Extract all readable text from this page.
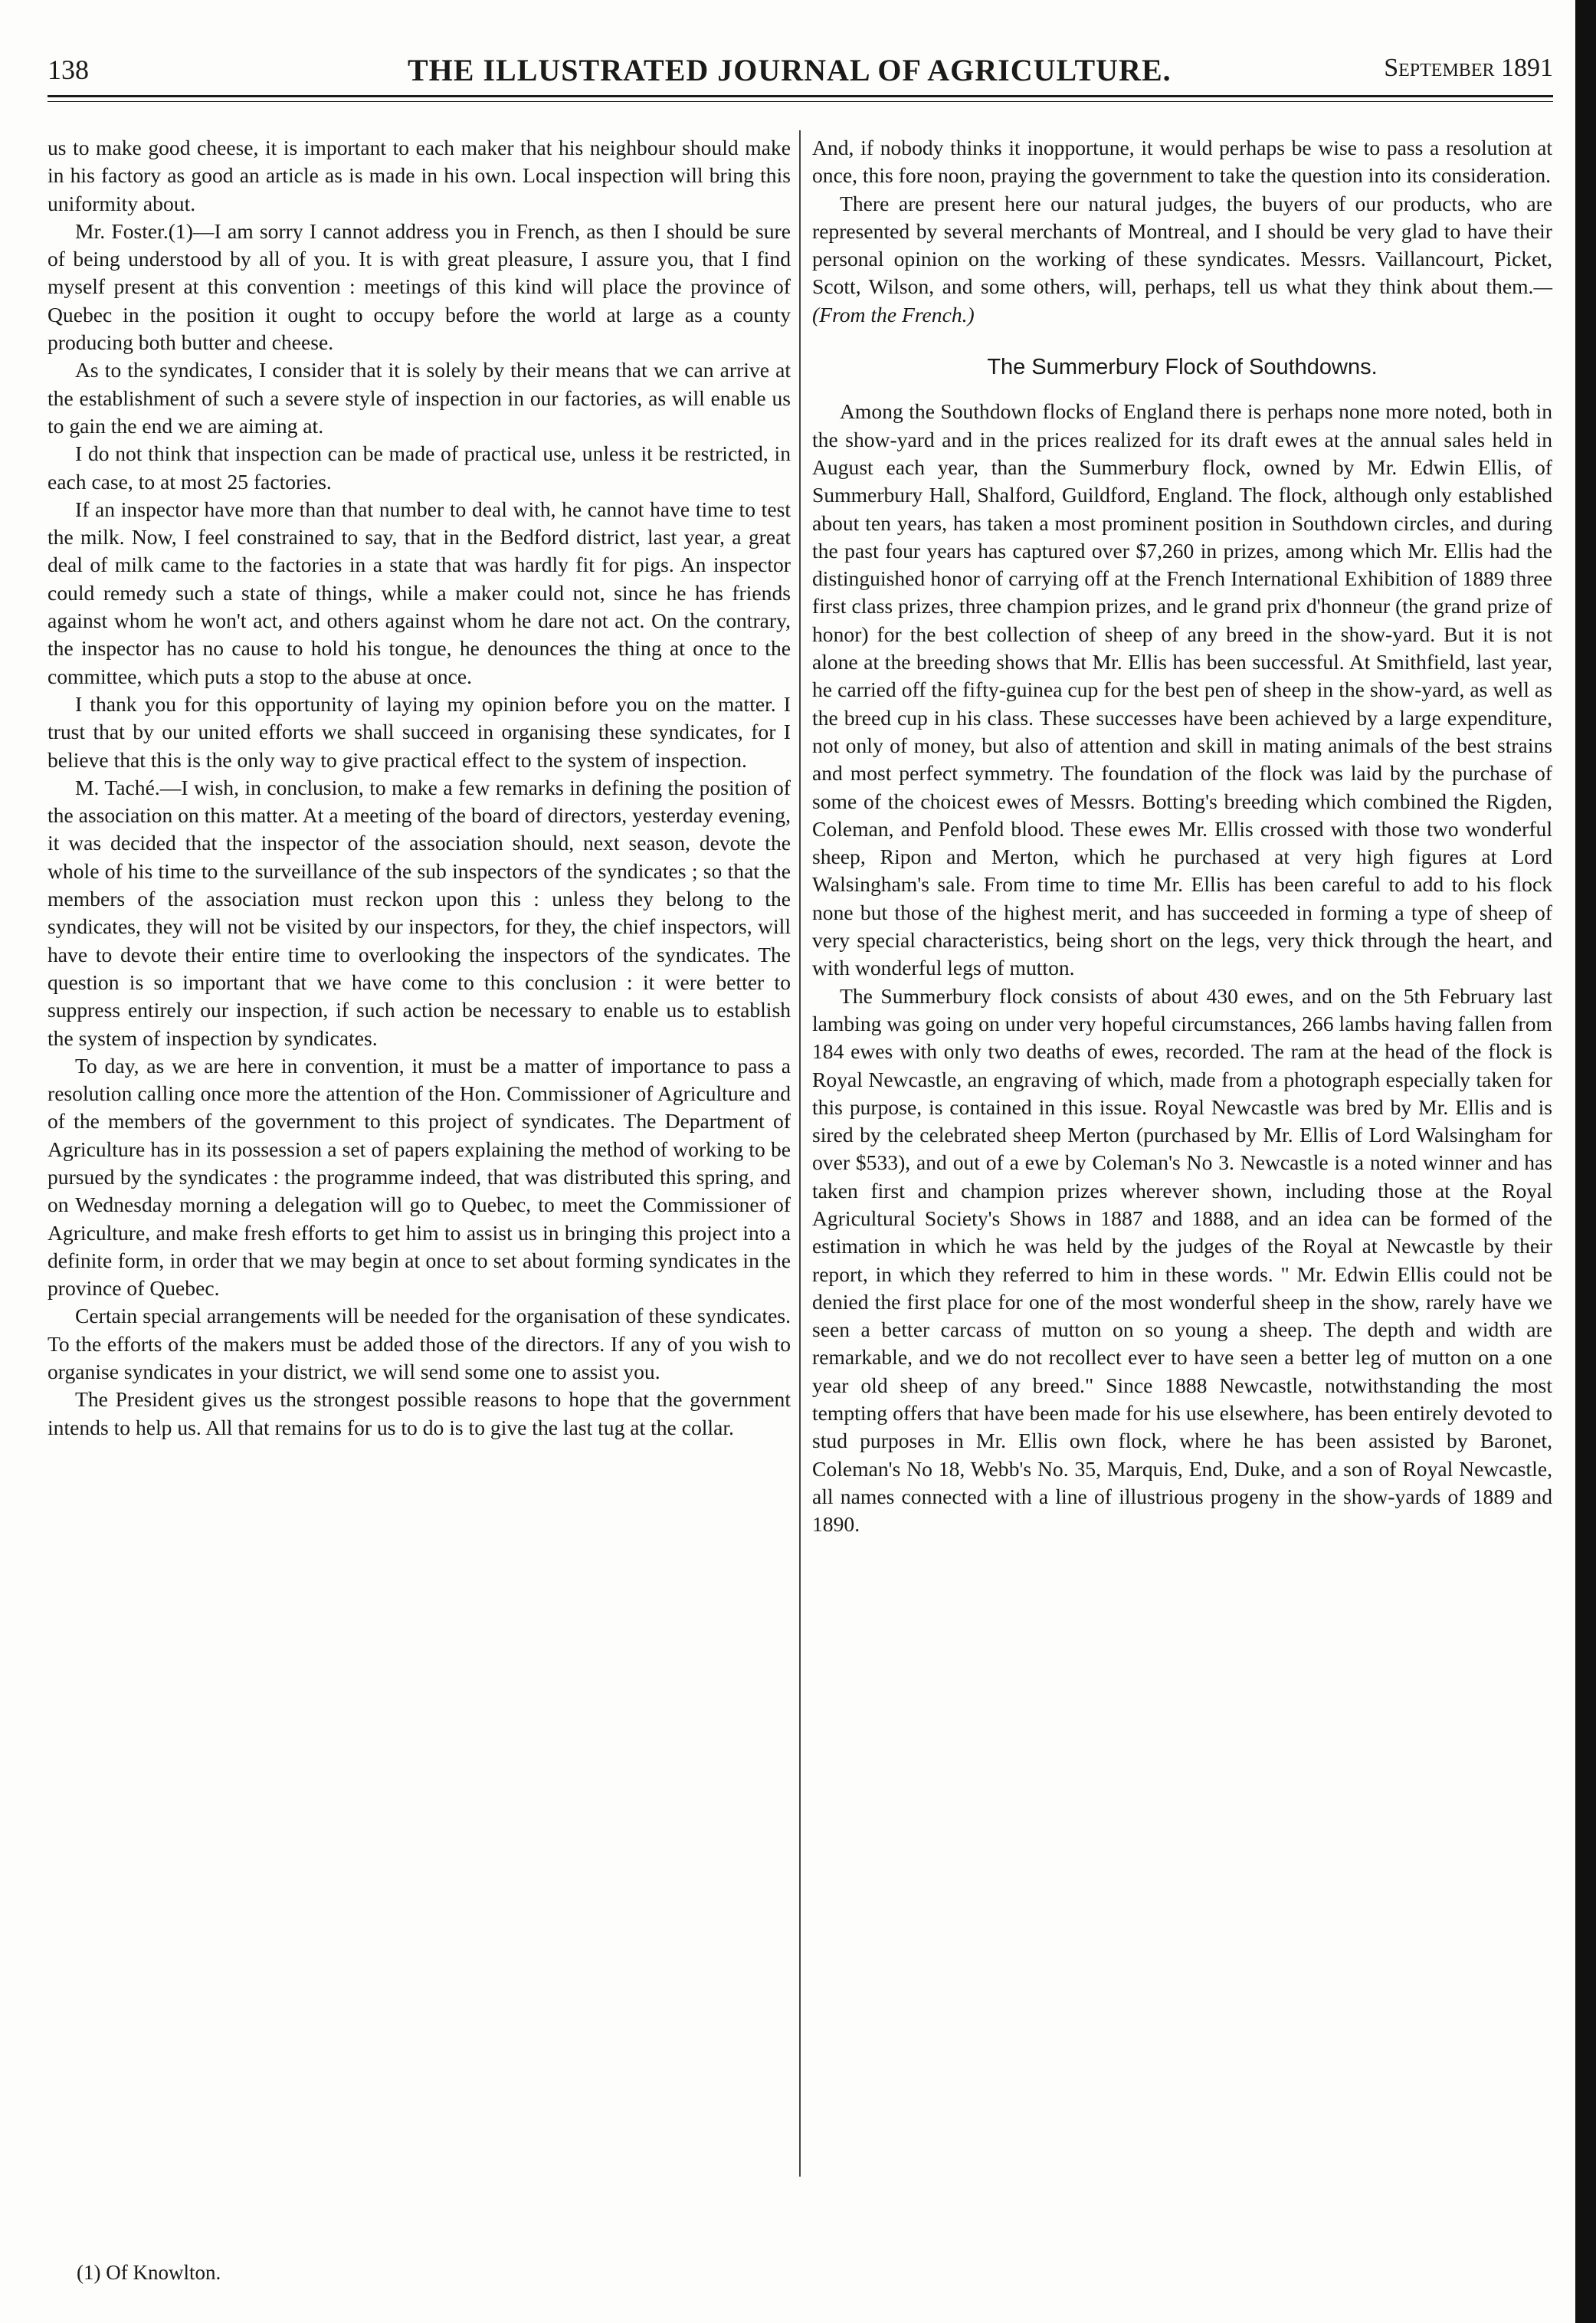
138	THE ILLUSTRATED JOURNAL OF AGRICULTURE.	September 1891

us to make good cheese, it is important to each maker that his neighbour should make in his factory as good an article as is made in his own. Local inspection will bring this uniformity about.

Mr. Foster.(1)—I am sorry I cannot address you in French, as then I should be sure of being understood by all of you. It is with great pleasure, I assure you, that I find myself present at this convention : meetings of this kind will place the province of Quebec in the position it ought to occupy before the world at large as a county producing both butter and cheese.

As to the syndicates, I consider that it is solely by their means that we can arrive at the establishment of such a severe style of inspection in our factories, as will enable us to gain the end we are aiming at.

I do not think that inspection can be made of practical use, unless it be restricted, in each case, to at most 25 factories.

If an inspector have more than that number to deal with, he cannot have time to test the milk. Now, I feel constrained to say, that in the Bedford district, last year, a great deal of milk came to the factories in a state that was hardly fit for pigs. An inspector could remedy such a state of things, while a maker could not, since he has friends against whom he won't act, and others against whom he dare not act. On the contrary, the inspector has no cause to hold his tongue, he denounces the thing at once to the committee, which puts a stop to the abuse at once.

I thank you for this opportunity of laying my opinion before you on the matter. I trust that by our united efforts we shall succeed in organising these syndicates, for I believe that this is the only way to give practical effect to the system of inspection.

M. Taché.—I wish, in conclusion, to make a few remarks in defining the position of the association on this matter. At a meeting of the board of directors, yesterday evening, it was decided that the inspector of the association should, next season, devote the whole of his time to the surveillance of the sub inspectors of the syndicates ; so that the members of the association must reckon upon this : unless they belong to the syndicates, they will not be visited by our inspectors, for they, the chief inspectors, will have to devote their entire time to overlooking the inspectors of the syndicates. The question is so important that we have come to this conclusion : it were better to suppress entirely our inspection, if such action be necessary to enable us to establish the system of inspection by syndicates.

To day, as we are here in convention, it must be a matter of importance to pass a resolution calling once more the attention of the Hon. Commissioner of Agriculture and of the members of the government to this project of syndicates. The Department of Agriculture has in its possession a set of papers explaining the method of working to be pursued by the syndicates : the programme indeed, that was distributed this spring, and on Wednesday morning a delegation will go to Quebec, to meet the Commissioner of Agriculture, and make fresh efforts to get him to assist us in bringing this project into a definite form, in order that we may begin at once to set about forming syndicates in the province of Quebec.

Certain special arrangements will be needed for the organisation of these syndicates. To the efforts of the makers must be added those of the directors. If any of you wish to organise syndicates in your district, we will send some one to assist you.

The President gives us the strongest possible reasons to hope that the government intends to help us. All that remains for us to do is to give the last tug at the collar.

And, if nobody thinks it inopportune, it would perhaps be wise to pass a resolution at once, this fore noon, praying the government to take the question into its consideration.

There are present here our natural judges, the buyers of our products, who are represented by several merchants of Montreal, and I should be very glad to have their personal opinion on the working of these syndicates. Messrs. Vaillancourt, Picket, Scott, Wilson, and some others, will, perhaps, tell us what they think about them.—(From the French.)

The Summerbury Flock of Southdowns.

Among the Southdown flocks of England there is perhaps none more noted, both in the show-yard and in the prices realized for its draft ewes at the annual sales held in August each year, than the Summerbury flock, owned by Mr. Edwin Ellis, of Summerbury Hall, Shalford, Guildford, England. The flock, although only established about ten years, has taken a most prominent position in Southdown circles, and during the past four years has captured over $7,260 in prizes, among which Mr. Ellis had the distinguished honor of carrying off at the French International Exhibition of 1889 three first class prizes, three champion prizes, and le grand prix d'honneur (the grand prize of honor) for the best collection of sheep of any breed in the show-yard. But it is not alone at the breeding shows that Mr. Ellis has been successful. At Smithfield, last year, he carried off the fifty-guinea cup for the best pen of sheep in the show-yard, as well as the breed cup in his class. These successes have been achieved by a large expenditure, not only of money, but also of attention and skill in mating animals of the best strains and most perfect symmetry. The foundation of the flock was laid by the purchase of some of the choicest ewes of Messrs. Botting's breeding which combined the Rigden, Coleman, and Penfold blood. These ewes Mr. Ellis crossed with those two wonderful sheep, Ripon and Merton, which he purchased at very high figures at Lord Walsingham's sale. From time to time Mr. Ellis has been careful to add to his flock none but those of the highest merit, and has succeeded in forming a type of sheep of very special characteristics, being short on the legs, very thick through the heart, and with wonderful legs of mutton.

The Summerbury flock consists of about 430 ewes, and on the 5th February last lambing was going on under very hopeful circumstances, 266 lambs having fallen from 184 ewes with only two deaths of ewes, recorded. The ram at the head of the flock is Royal Newcastle, an engraving of which, made from a photograph especially taken for this purpose, is contained in this issue. Royal Newcastle was bred by Mr. Ellis and is sired by the celebrated sheep Merton (purchased by Mr. Ellis of Lord Walsingham for over $533), and out of a ewe by Coleman's No 3. Newcastle is a noted winner and has taken first and champion prizes wherever shown, including those at the Royal Agricultural Society's Shows in 1887 and 1888, and an idea can be formed of the estimation in which he was held by the judges of the Royal at Newcastle by their report, in which they referred to him in these words. " Mr. Edwin Ellis could not be denied the first place for one of the most wonderful sheep in the show, rarely have we seen a better carcass of mutton on so young a sheep. The depth and width are remarkable, and we do not recollect ever to have seen a better leg of mutton on a one year old sheep of any breed." Since 1888 Newcastle, notwithstanding the most tempting offers that have been made for his use elsewhere, has been entirely devoted to stud purposes in Mr. Ellis own flock, where he has been assisted by Baronet, Coleman's No 18, Webb's No. 35, Marquis, End, Duke, and a son of Royal Newcastle, all names connected with a line of illustrious progeny in the show-yards of 1889 and 1890.

(1) Of Knowlton.
